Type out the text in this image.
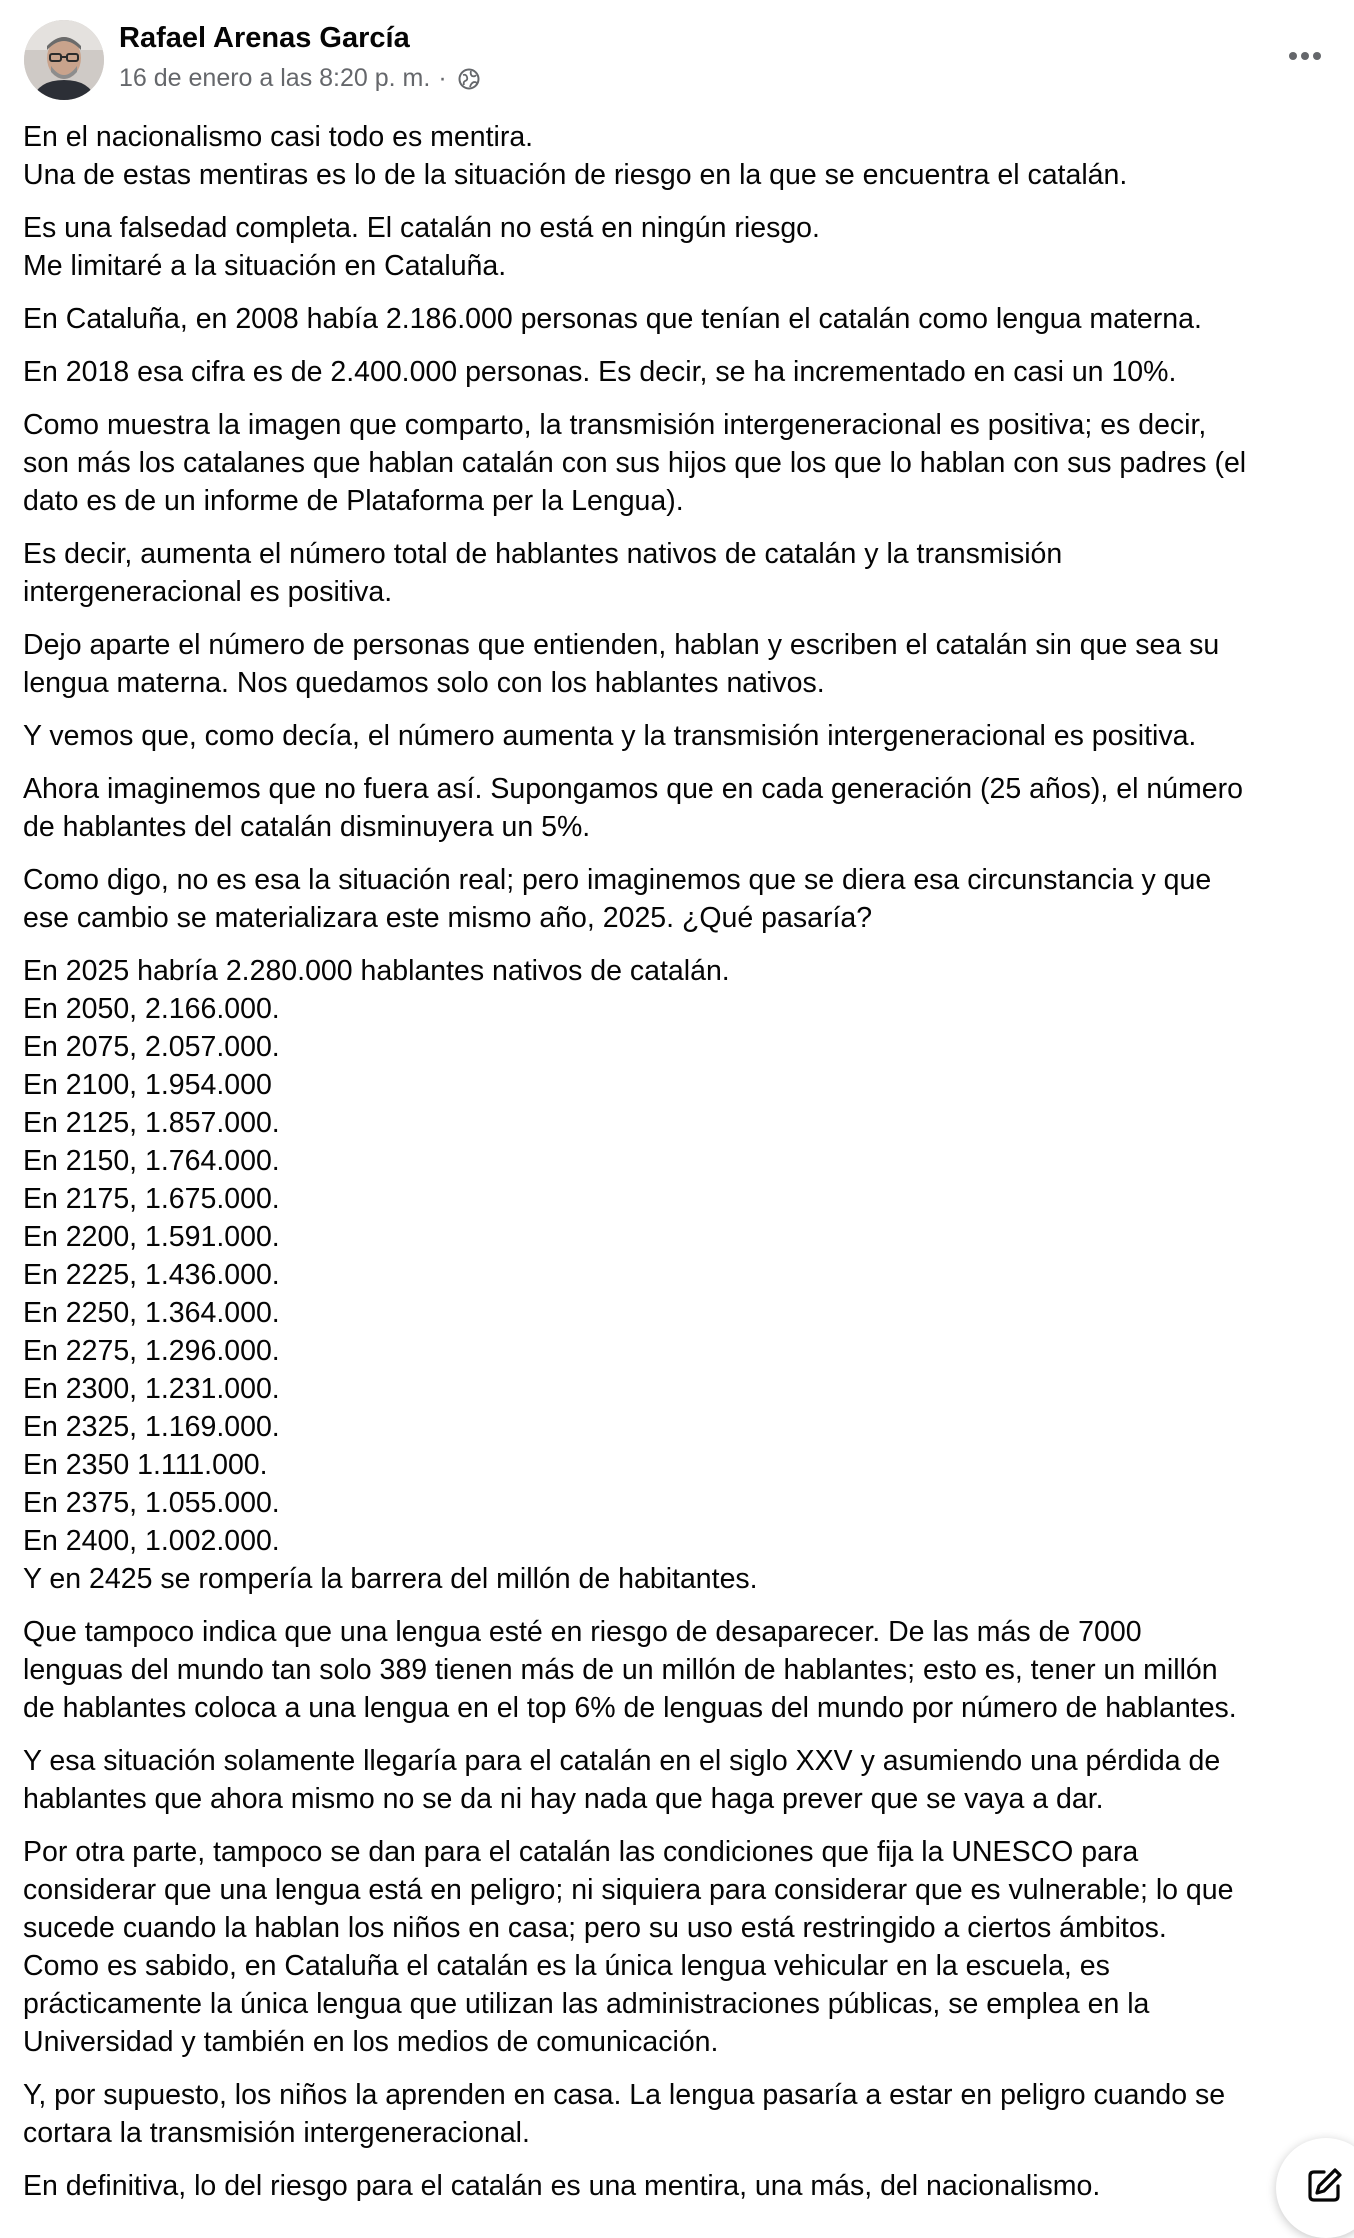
Rafael Arenas García
16 de enero a las 8:20 p. m. ·
En el nacionalismo casi todo es mentira.
Una de estas mentiras es lo de la situación de riesgo en la que se encuentra el catalán.
Es una falsedad completa. El catalán no está en ningún riesgo.
Me limitaré a la situación en Cataluña.
En Cataluña, en 2008 había 2.186.000 personas que tenían el catalán como lengua materna.
En 2018 esa cifra es de 2.400.000 personas. Es decir, se ha incrementado en casi un 10%.
Como muestra la imagen que comparto, la transmisión intergeneracional es positiva; es decir,
son más los catalanes que hablan catalán con sus hijos que los que lo hablan con sus padres (el
dato es de un informe de Plataforma per la Lengua).
Es decir, aumenta el número total de hablantes nativos de catalán y la transmisión
intergeneracional es positiva.
Dejo aparte el número de personas que entienden, hablan y escriben el catalán sin que sea su
lengua materna. Nos quedamos solo con los hablantes nativos.
Y vemos que, como decía, el número aumenta y la transmisión intergeneracional es positiva.
Ahora imaginemos que no fuera así. Supongamos que en cada generación (25 años), el número
de hablantes del catalán disminuyera un 5%.
Como digo, no es esa la situación real; pero imaginemos que se diera esa circunstancia y que
ese cambio se materializara este mismo año, 2025. ¿Qué pasaría?
En 2025 habría 2.280.000 hablantes nativos de catalán.
En 2050, 2.166.000.
En 2075, 2.057.000.
En 2100, 1.954.000
En 2125, 1.857.000.
En 2150, 1.764.000.
En 2175, 1.675.000.
En 2200, 1.591.000.
En 2225, 1.436.000.
En 2250, 1.364.000.
En 2275, 1.296.000.
En 2300, 1.231.000.
En 2325, 1.169.000.
En 2350 1.111.000.
En 2375, 1.055.000.
En 2400, 1.002.000.
Y en 2425 se rompería la barrera del millón de habitantes.
Que tampoco indica que una lengua esté en riesgo de desaparecer. De las más de 7000
lenguas del mundo tan solo 389 tienen más de un millón de hablantes; esto es, tener un millón
de hablantes coloca a una lengua en el top 6% de lenguas del mundo por número de hablantes.
Y esa situación solamente llegaría para el catalán en el siglo XXV y asumiendo una pérdida de
hablantes que ahora mismo no se da ni hay nada que haga prever que se vaya a dar.
Por otra parte, tampoco se dan para el catalán las condiciones que fija la UNESCO para
considerar que una lengua está en peligro; ni siquiera para considerar que es vulnerable; lo que
sucede cuando la hablan los niños en casa; pero su uso está restringido a ciertos ámbitos.
Como es sabido, en Cataluña el catalán es la única lengua vehicular en la escuela, es
prácticamente la única lengua que utilizan las administraciones públicas, se emplea en la
Universidad y también en los medios de comunicación.
Y, por supuesto, los niños la aprenden en casa. La lengua pasaría a estar en peligro cuando se
cortara la transmisión intergeneracional.
En definitiva, lo del riesgo para el catalán es una mentira, una más, del nacionalismo.
